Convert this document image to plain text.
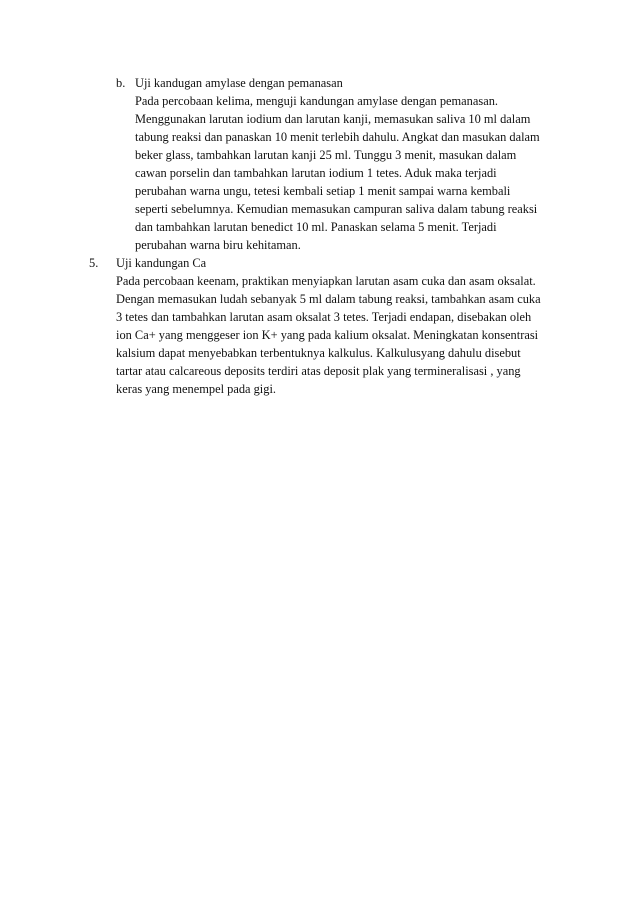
b. Uji kandugan amylase dengan pemanasan
Pada percobaan kelima, menguji kandungan amylase dengan pemanasan.
Menggunakan larutan iodium dan larutan kanji, memasukan saliva 10 ml dalam
tabung reaksi dan panaskan 10 menit terlebih dahulu. Angkat dan masukan dalam
beker glass, tambahkan larutan kanji 25 ml. Tunggu 3 menit, masukan dalam
cawan porselin dan tambahkan larutan iodium 1 tetes. Aduk maka terjadi
perubahan warna ungu, tetesi kembali setiap 1 menit sampai warna kembali
seperti sebelumnya. Kemudian memasukan campuran saliva dalam tabung reaksi
dan tambahkan larutan benedict 10 ml. Panaskan selama 5 menit. Terjadi
perubahan warna biru kehitaman.
5. Uji kandungan Ca
Pada percobaan keenam, praktikan menyiapkan larutan asam cuka dan asam oksalat.
Dengan memasukan ludah sebanyak 5 ml dalam tabung reaksi, tambahkan asam cuka
3 tetes dan tambahkan larutan asam oksalat 3 tetes. Terjadi endapan, disebakan oleh
ion Ca+ yang menggeser ion K+ yang pada kalium oksalat. Meningkatan konsentrasi
kalsium dapat menyebabkan terbentuknya kalkulus. Kalkulusyang dahulu disebut
tartar atau calcareous deposits terdiri atas deposit plak yang termineralisasi , yang
keras yang menempel pada gigi.
